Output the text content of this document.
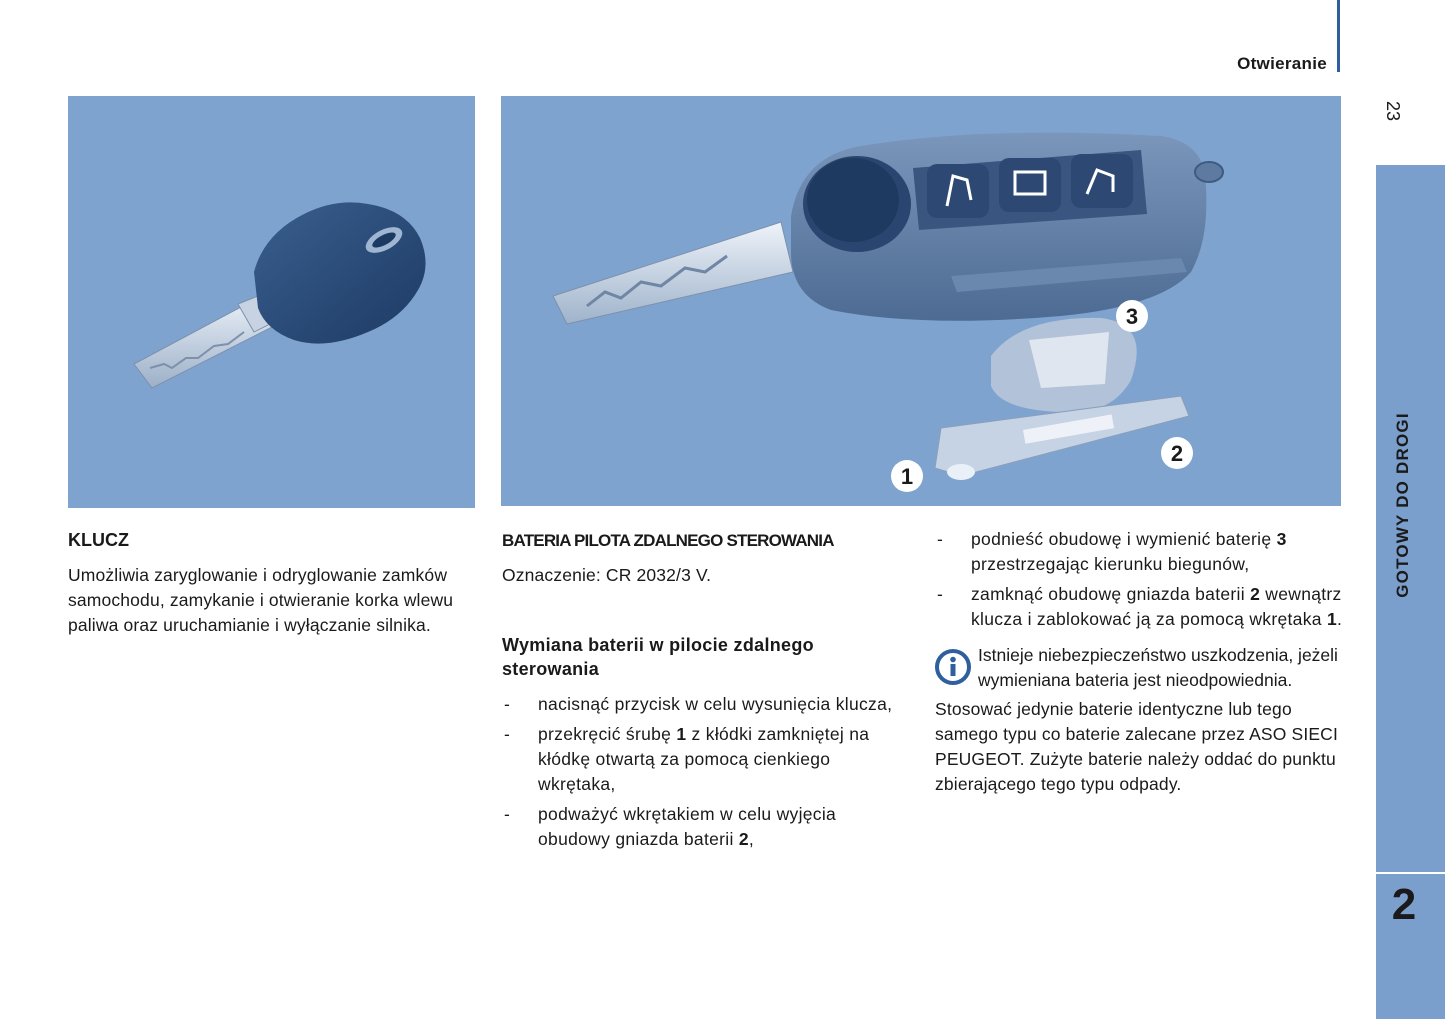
Otwieranie
23
GOTOWY DO DROGI
2
3
2
1
KLUCZ

Umożliwia zaryglowanie i odryglowanie zamków samochodu, zamykanie i otwieranie korka wlewu paliwa oraz uruchamianie i wyłączanie silnika.

BATERIA PILOTA ZDALNEGO STEROWANIA

Oznaczenie: CR 2032/3 V.

Wymiana baterii w pilocie zdalnego sterowania
- nacisnąć przycisk w celu wysunięcia klucza,
- przekręcić śrubę 1 z kłódki zamkniętej na kłódkę otwartą za pomocą cienkiego wkrętaka,
- podważyć wkrętakiem w celu wyjęcia obudowy gniazda baterii 2,
- podnieść obudowę i wymienić baterię 3 przestrzegając kierunku biegunów,
- zamknąć obudowę gniazda baterii 2 wewnątrz klucza i zablokować ją za pomocą wkrętaka 1.

Istnieje niebezpieczeństwo uszkodzenia, jeżeli wymieniana bateria jest nieodpowiednia.

Stosować jedynie baterie identyczne lub tego samego typu co baterie zalecane przez ASO SIECI PEUGEOT. Zużyte baterie należy oddać do punktu zbierającego tego typu odpady.
